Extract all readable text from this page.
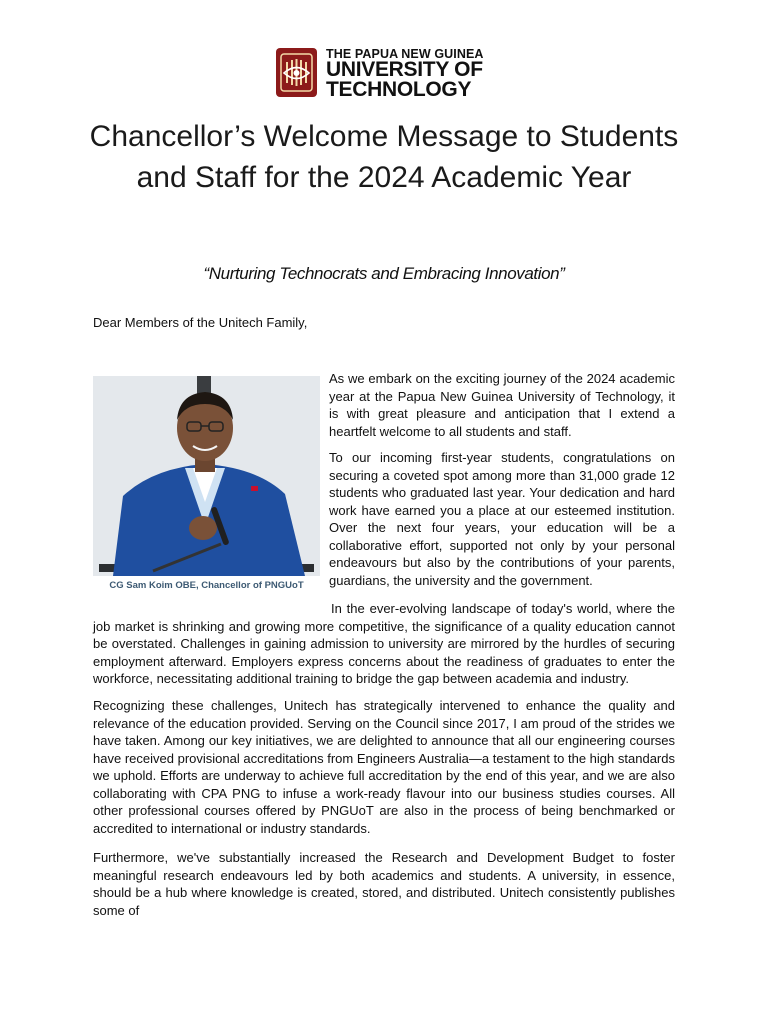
THE PAPUA NEW GUINEA
UNIVERSITY OF
TECHNOLOGY
Chancellor’s Welcome Message to Students and Staff for the 2024 Academic Year
“Nurturing Technocrats and Embracing Innovation”
Dear Members of the Unitech Family,
CG Sam Koim OBE, Chancellor of PNGUoT

As we embark on the exciting journey of the 2024 academic year at the Papua New Guinea University of Technology, it is with great pleasure and anticipation that I extend a heartfelt welcome to all students and staff.

To our incoming first-year students, congratulations on securing a coveted spot among more than 31,000 grade 12 students who graduated last year. Your dedication and hard work have earned you a place at our esteemed institution. Over the next four years, your education will be a collaborative effort, supported not only by your personal endeavours but also by the contributions of your parents, guardians, the university and the government.

In the ever-evolving landscape of today's world, where the job market is shrinking and growing more competitive, the significance of a quality education cannot be overstated. Challenges in gaining admission to university are mirrored by the hurdles of securing employment afterward. Employers express concerns about the readiness of graduates to enter the workforce, necessitating additional training to bridge the gap between academia and industry.

Recognizing these challenges, Unitech has strategically intervened to enhance the quality and relevance of the education provided. Serving on the Council since 2017, I am proud of the strides we have taken. Among our key initiatives, we are delighted to announce that all our engineering courses have received provisional accreditations from Engineers Australia—a testament to the high standards we uphold. Efforts are underway to achieve full accreditation by the end of this year, and we are also collaborating with CPA PNG to infuse a work-ready flavour into our business studies courses. All other professional courses offered by PNGUoT are also in the process of being benchmarked or accredited to international or industry standards.

Furthermore, we've substantially increased the Research and Development Budget to foster meaningful research endeavours led by both academics and students. A university, in essence, should be a hub where knowledge is created, stored, and distributed. Unitech consistently publishes some of
